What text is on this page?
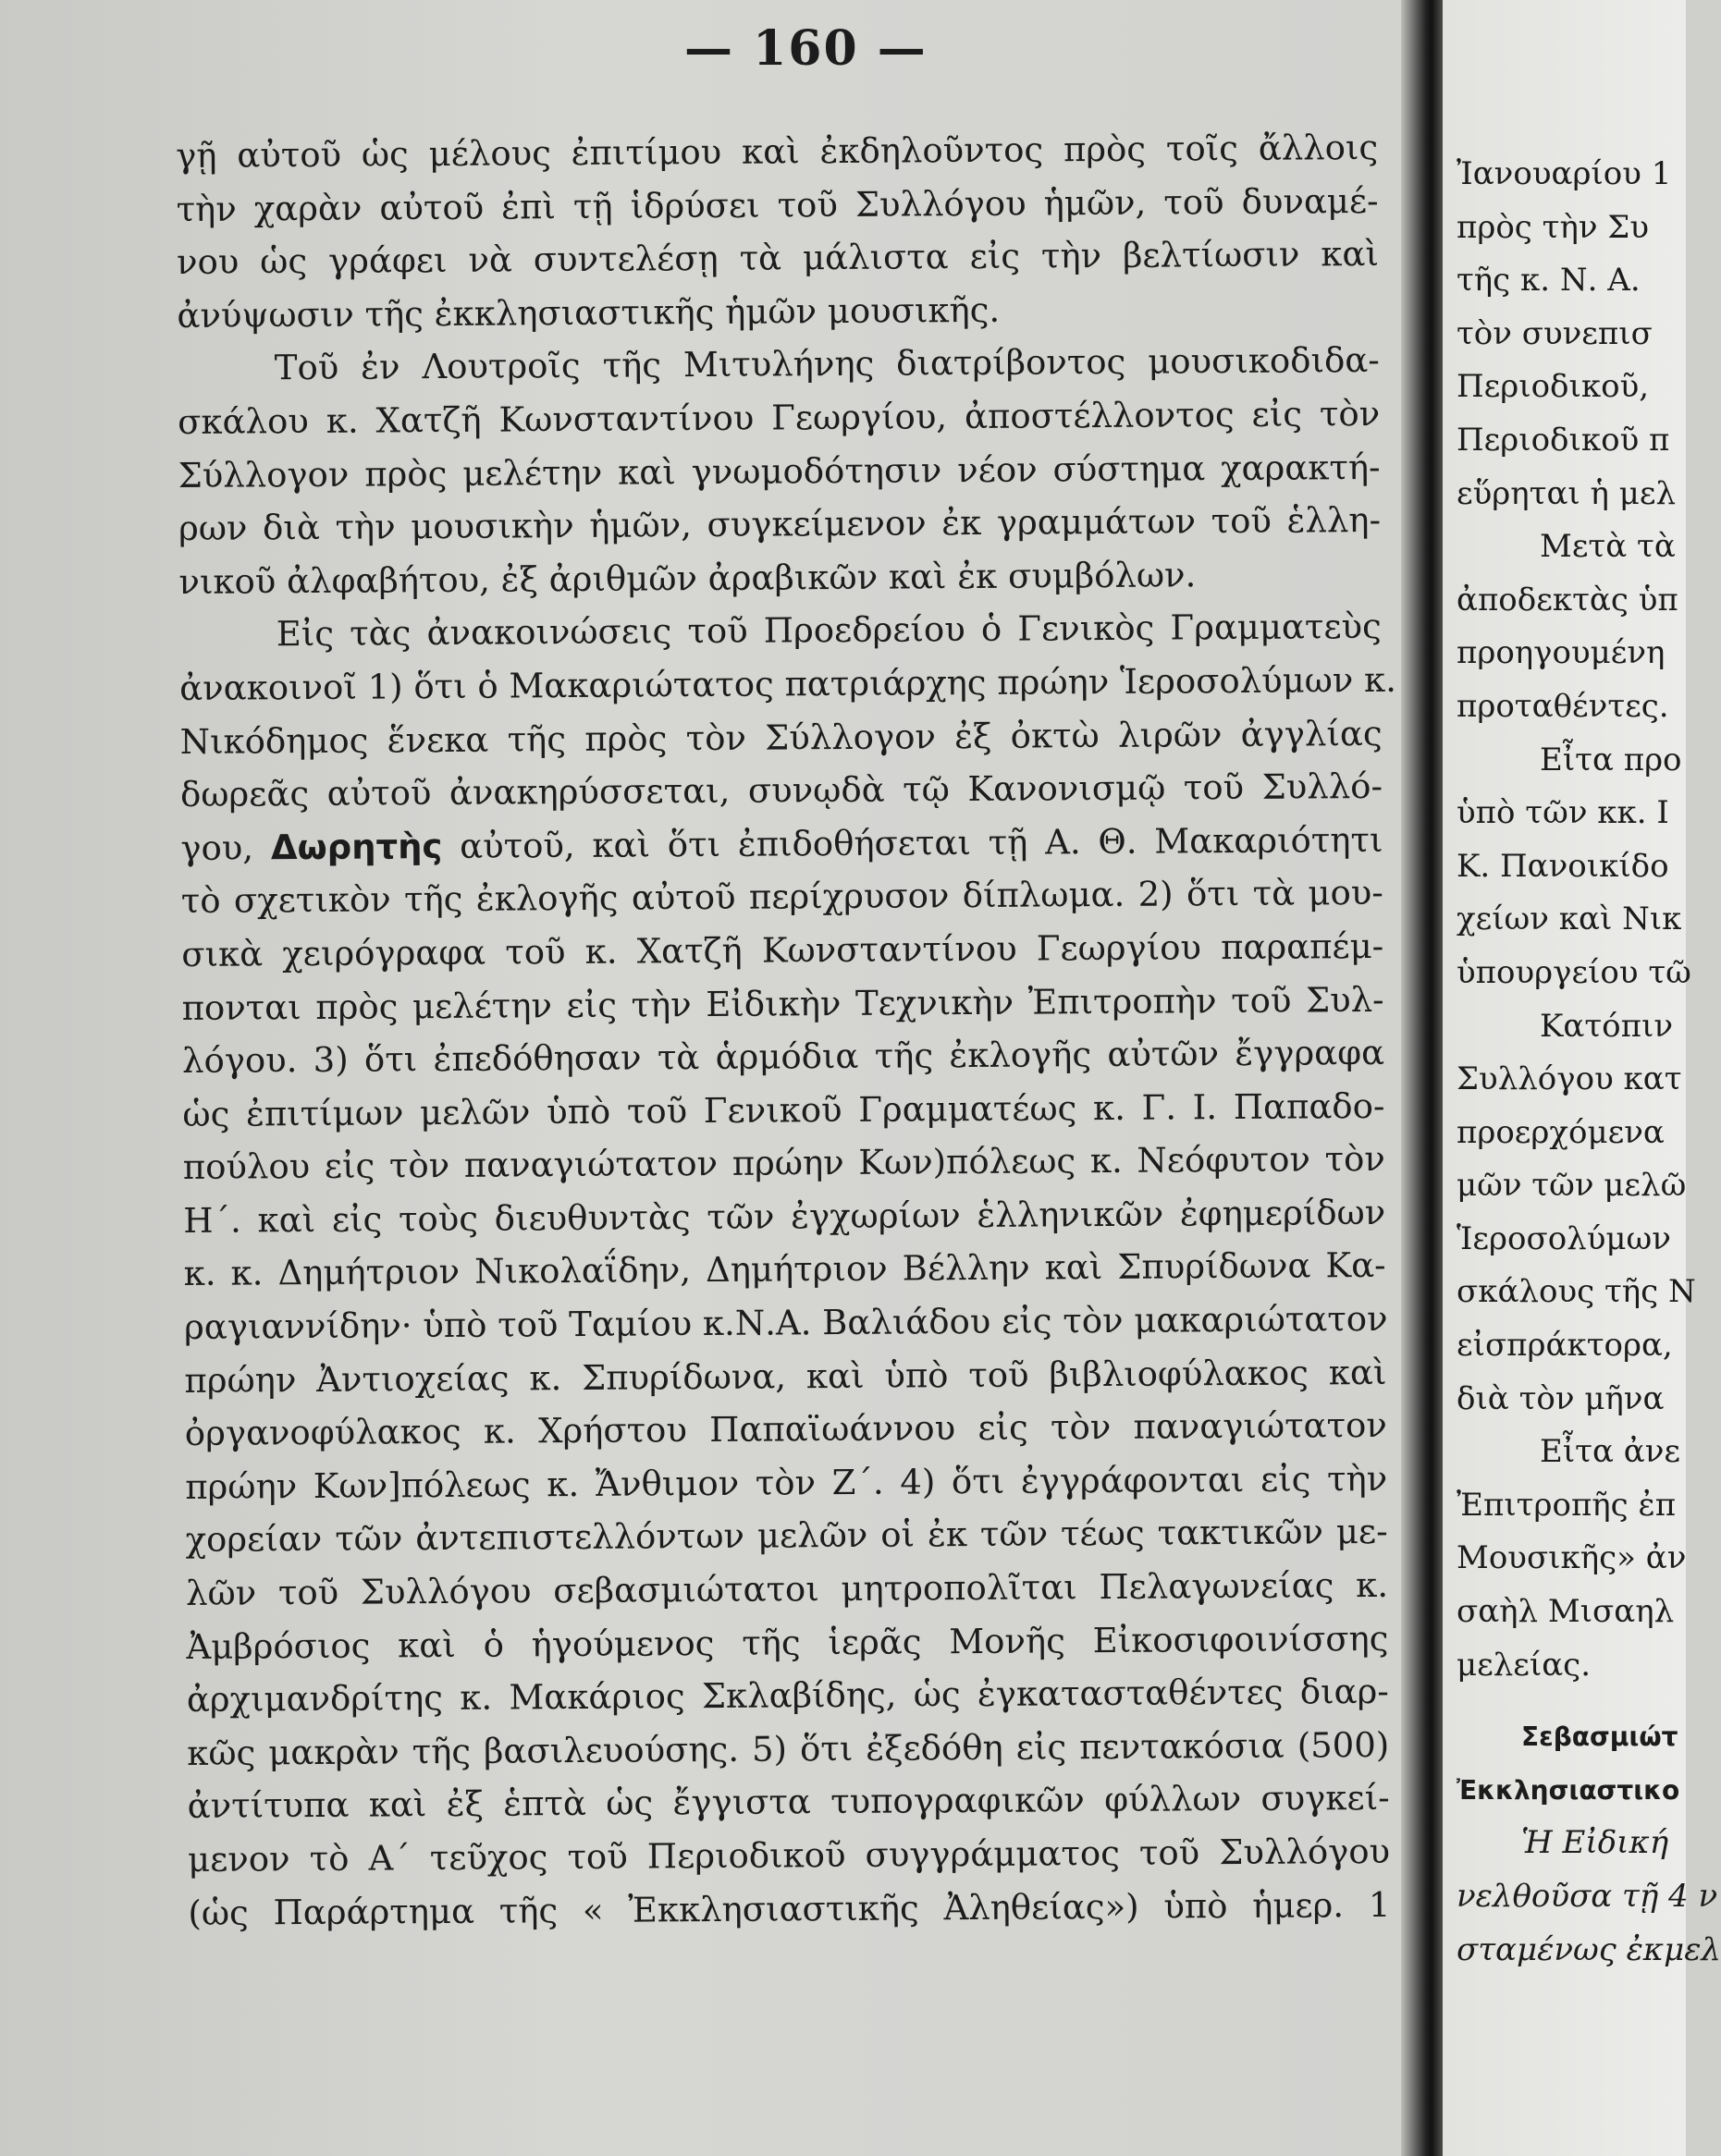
— 160 —
γῇ αὐτοῦ ὡς μέλους ἐπιτίμου καὶ ἐκδηλοῦντος πρὸς τοῖς ἄλλοις
τὴν χαρὰν αὐτοῦ ἐπὶ τῇ ἱδρύσει τοῦ Συλλόγου ἡμῶν, τοῦ δυναμέ-
νου ὡς γράφει νὰ συντελέσῃ τὰ μάλιστα εἰς τὴν βελτίωσιν καὶ
ἀνύψωσιν τῆς ἐκκλησιαστικῆς ἡμῶν μουσικῆς.
Τοῦ ἐν Λουτροῖς τῆς Μιτυλήνης διατρίβοντος μουσικοδιδα-
σκάλου κ. Χατζῆ Κωνσταντίνου Γεωργίου, ἀποστέλλοντος εἰς τὸν
Σύλλογον πρὸς μελέτην καὶ γνωμοδότησιν νέον σύστημα χαρακτή-
ρων διὰ τὴν μουσικὴν ἡμῶν, συγκείμενον ἐκ γραμμάτων τοῦ ἑλλη-
νικοῦ ἀλφαβήτου, ἐξ ἀριθμῶν ἀραβικῶν καὶ ἐκ συμβόλων.
Εἰς τὰς ἀνακοινώσεις τοῦ Προεδρείου ὁ Γενικὸς Γραμματεὺς
ἀνακοινοῖ 1) ὅτι ὁ Μακαριώτατος πατριάρχης πρώην Ἱεροσολύμων κ.
Νικόδημος ἕνεκα τῆς πρὸς τὸν Σύλλογον ἐξ ὀκτὼ λιρῶν ἀγγλίας
δωρεᾶς αὐτοῦ ἀνακηρύσσεται, συνῳδὰ τῷ Κανονισμῷ τοῦ Συλλό-
γου, Δωρητὴς αὐτοῦ, καὶ ὅτι ἐπιδοθήσεται τῇ Α. Θ. Μακαριότητι
τὸ σχετικὸν τῆς ἐκλογῆς αὐτοῦ περίχρυσον δίπλωμα. 2) ὅτι τὰ μου-
σικὰ χειρόγραφα τοῦ κ. Χατζῆ Κωνσταντίνου Γεωργίου παραπέμ-
πονται πρὸς μελέτην εἰς τὴν Εἰδικὴν Τεχνικὴν Ἐπιτροπὴν τοῦ Συλ-
λόγου. 3) ὅτι ἐπεδόθησαν τὰ ἁρμόδια τῆς ἐκλογῆς αὐτῶν ἔγγραφα
ὡς ἐπιτίμων μελῶν ὑπὸ τοῦ Γενικοῦ Γραμματέως κ. Γ. Ι. Παπαδο-
πούλου εἰς τὸν παναγιώτατον πρώην Κων)πόλεως κ. Νεόφυτον τὸν
Η΄. καὶ εἰς τοὺς διευθυντὰς τῶν ἐγχωρίων ἑλληνικῶν ἐφημερίδων
κ. κ. Δημήτριον Νικολαΐδην, Δημήτριον Βέλλην καὶ Σπυρίδωνα Κα-
ραγιαννίδην· ὑπὸ τοῦ Ταμίου κ.Ν.Α. Βαλιάδου εἰς τὸν μακαριώτατον
πρώην Ἀντιοχείας κ. Σπυρίδωνα, καὶ ὑπὸ τοῦ βιβλιοφύλακος καὶ
ὀργανοφύλακος κ. Χρήστου Παπαϊωάννου εἰς τὸν παναγιώτατον
πρώην Κων]πόλεως κ. Ἄνθιμον τὸν Ζ΄. 4) ὅτι ἐγγράφονται εἰς τὴν
χορείαν τῶν ἀντεπιστελλόντων μελῶν οἱ ἐκ τῶν τέως τακτικῶν με-
λῶν τοῦ Συλλόγου σεβασμιώτατοι μητροπολῖται Πελαγωνείας κ.
Ἀμβρόσιος καὶ ὁ ἡγούμενος τῆς ἱερᾶς Μονῆς Εἰκοσιφοινίσσης
ἀρχιμανδρίτης κ. Μακάριος Σκλαβίδης, ὡς ἐγκατασταθέντες διαρ-
κῶς μακρὰν τῆς βασιλευούσης. 5) ὅτι ἐξεδόθη εἰς πεντακόσια (500)
ἀντίτυπα καὶ ἐξ ἑπτὰ ὡς ἔγγιστα τυπογραφικῶν φύλλων συγκεί-
μενον τὸ Α΄ τεῦχος τοῦ Περιοδικοῦ συγγράμματος τοῦ Συλλόγου
(ὡς Παράρτημα τῆς « Ἐκκλησιαστικῆς Ἀληθείας») ὑπὸ ἡμερ. 1
Ἰανουαρίου 1
πρὸς τὴν Συ
τῆς κ. Ν. Α.
τὸν συνεπισ
Περιοδικοῦ,
Περιοδικοῦ π
εὕρηται ἡ μελ
Μετὰ τὰ
ἀποδεκτὰς ὑπ
προηγουμένη
προταθέντες.
Εἶτα προ
ὑπὸ τῶν κκ. Ι
Κ. Πανοικίδο
χείων καὶ Νικ
ὑπουργείου τῶ
Κατόπιν
Συλλόγου κατ
προερχόμενα
μῶν τῶν μελῶ
Ἱεροσολύμων
σκάλους τῆς Ν
εἰσπράκτορα,
διὰ τὸν μῆνα
Εἶτα ἀνε
Ἐπιτροπῆς ἐπ
Μουσικῆς» ἀν
σαὴλ Μισαηλ
μελείας.
Σεβασμιώτ
Ἐκκλησιαστικο
Ἡ Εἰδική
νελθοῦσα τῇ 4 ν
σταμένως ἐκμελ
